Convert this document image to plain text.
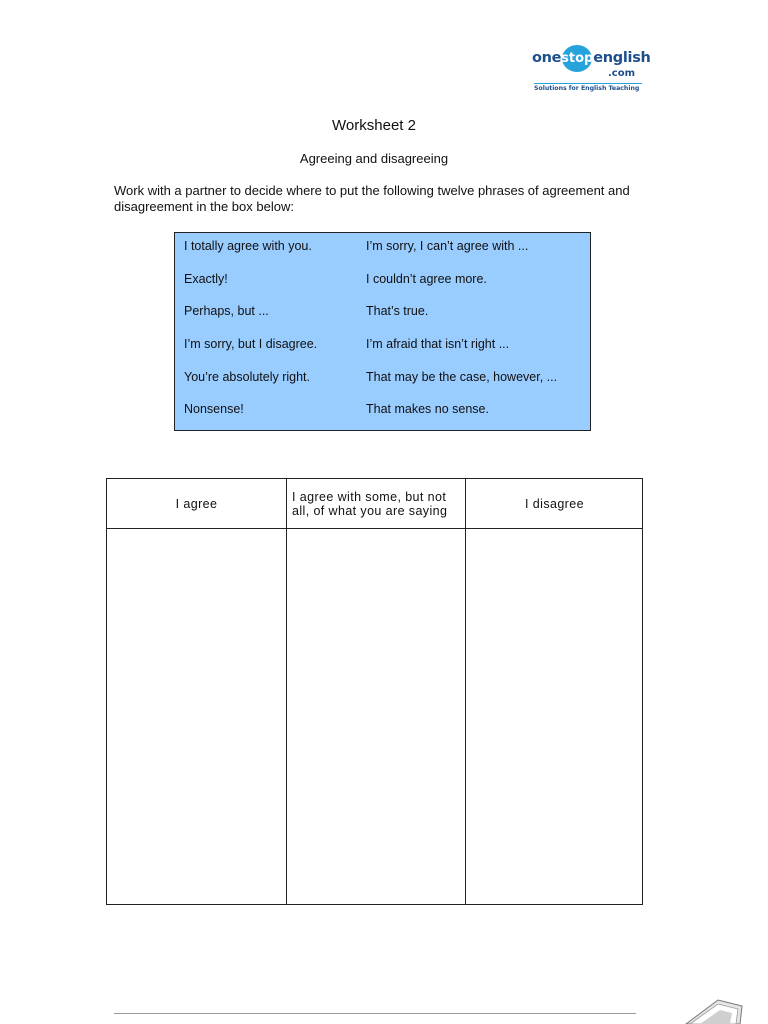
one stop english
.com
Solutions for English Teaching
Worksheet 2
Agreeing and disagreeing
Work with a partner to decide where to put the following twelve phrases of agreement and disagreement in the box below:
I totally agree with you.
Exactly!
Perhaps, but ...
I’m sorry, but I disagree.
You’re absolutely right.
Nonsense!
I’m sorry, I can’t agree with ...
I couldn’t agree more.
That’s true.
I’m afraid that isn’t right ...
That may be the case, however, ...
That makes no sense.
I agree	I agree with some, but not all, of what you are saying	I disagree
